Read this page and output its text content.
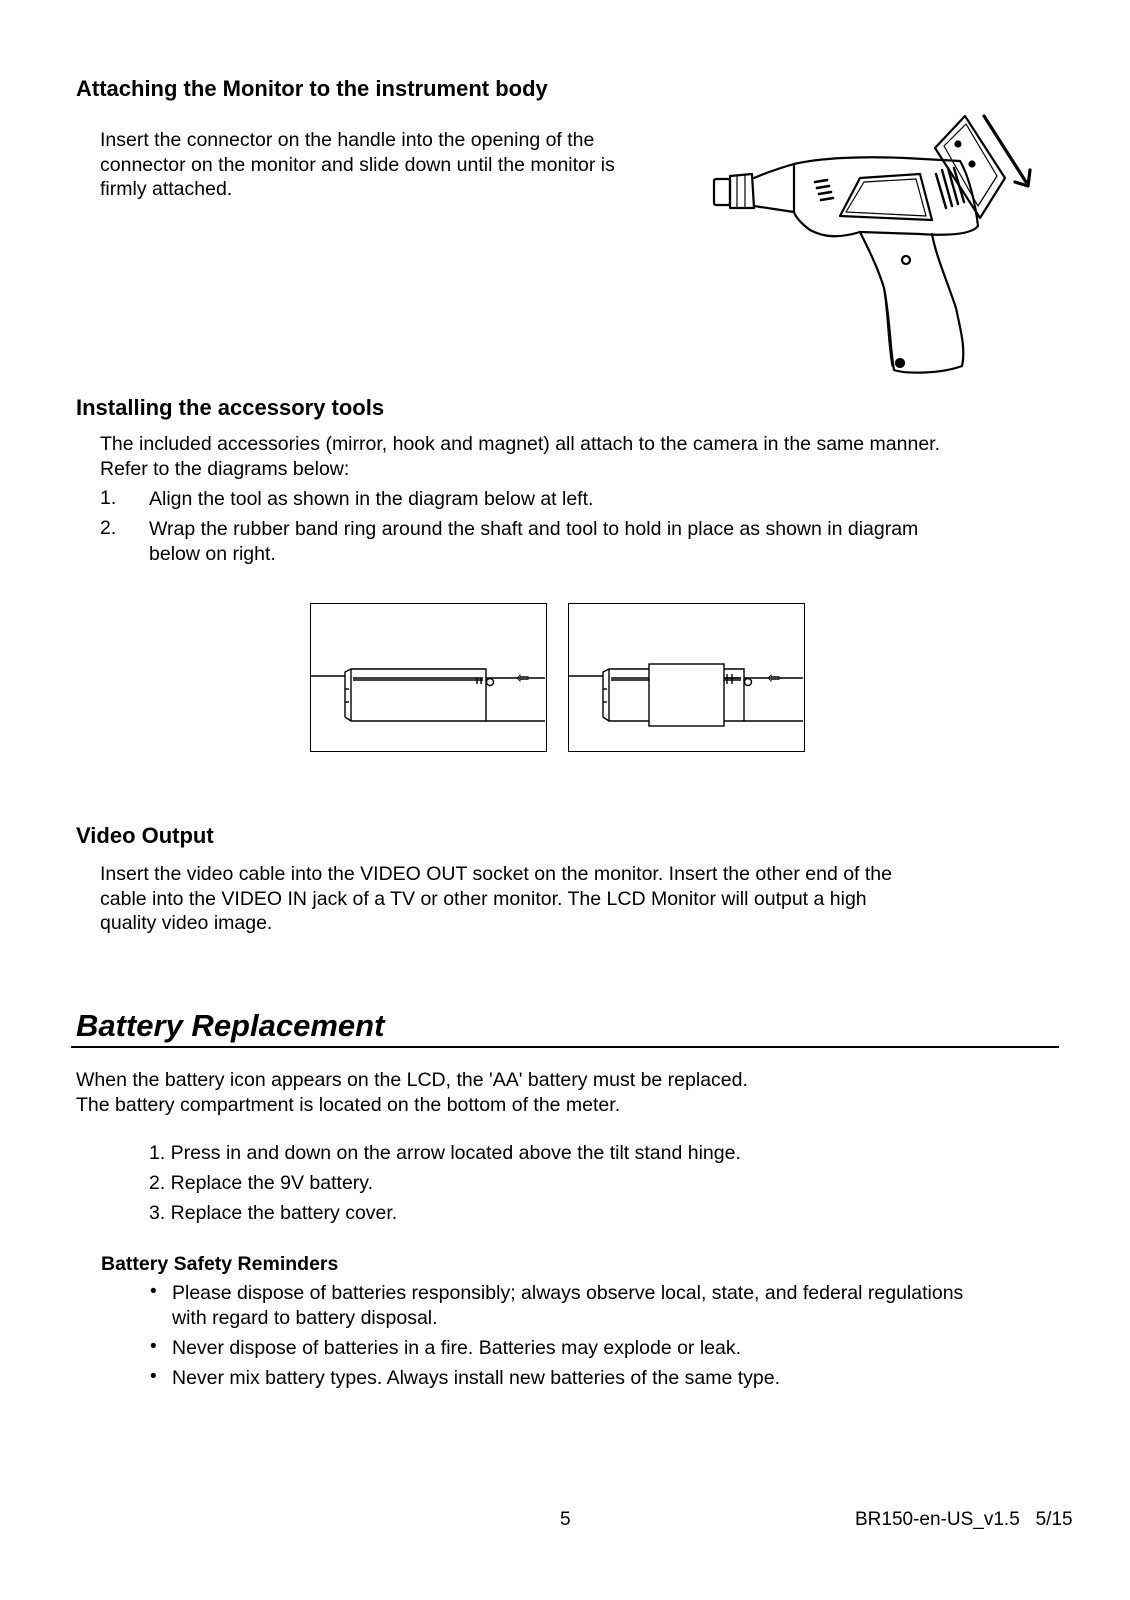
Attaching the Monitor to the instrument body
Insert the connector on the handle into the opening of the
connector on the monitor and slide down until the monitor is
firmly attached.
Installing the accessory tools
The included accessories (mirror, hook and magnet) all attach to the camera in the same manner.
Refer to the diagrams below:
1. Align the tool as shown in the diagram below at left.
2. Wrap the rubber band ring around the shaft and tool to hold in place as shown in diagram
below on right.
⇦	⇦
Video Output
Insert the video cable into the VIDEO OUT socket on the monitor. Insert the other end of the
cable into the VIDEO IN jack of a TV or other monitor. The LCD Monitor will output a high
quality video image.
Battery Replacement
When the battery icon appears on the LCD, the 'AA' battery must be replaced.
The battery compartment is located on the bottom of the meter.
1. Press in and down on the arrow located above the tilt stand hinge.
2. Replace the 9V battery.
3. Replace the battery cover.
Battery Safety Reminders
• Please dispose of batteries responsibly; always observe local, state, and federal regulations
with regard to battery disposal.
• Never dispose of batteries in a fire. Batteries may explode or leak.
• Never mix battery types. Always install new batteries of the same type.
5	BR150-en-US_v1.5   5/15
